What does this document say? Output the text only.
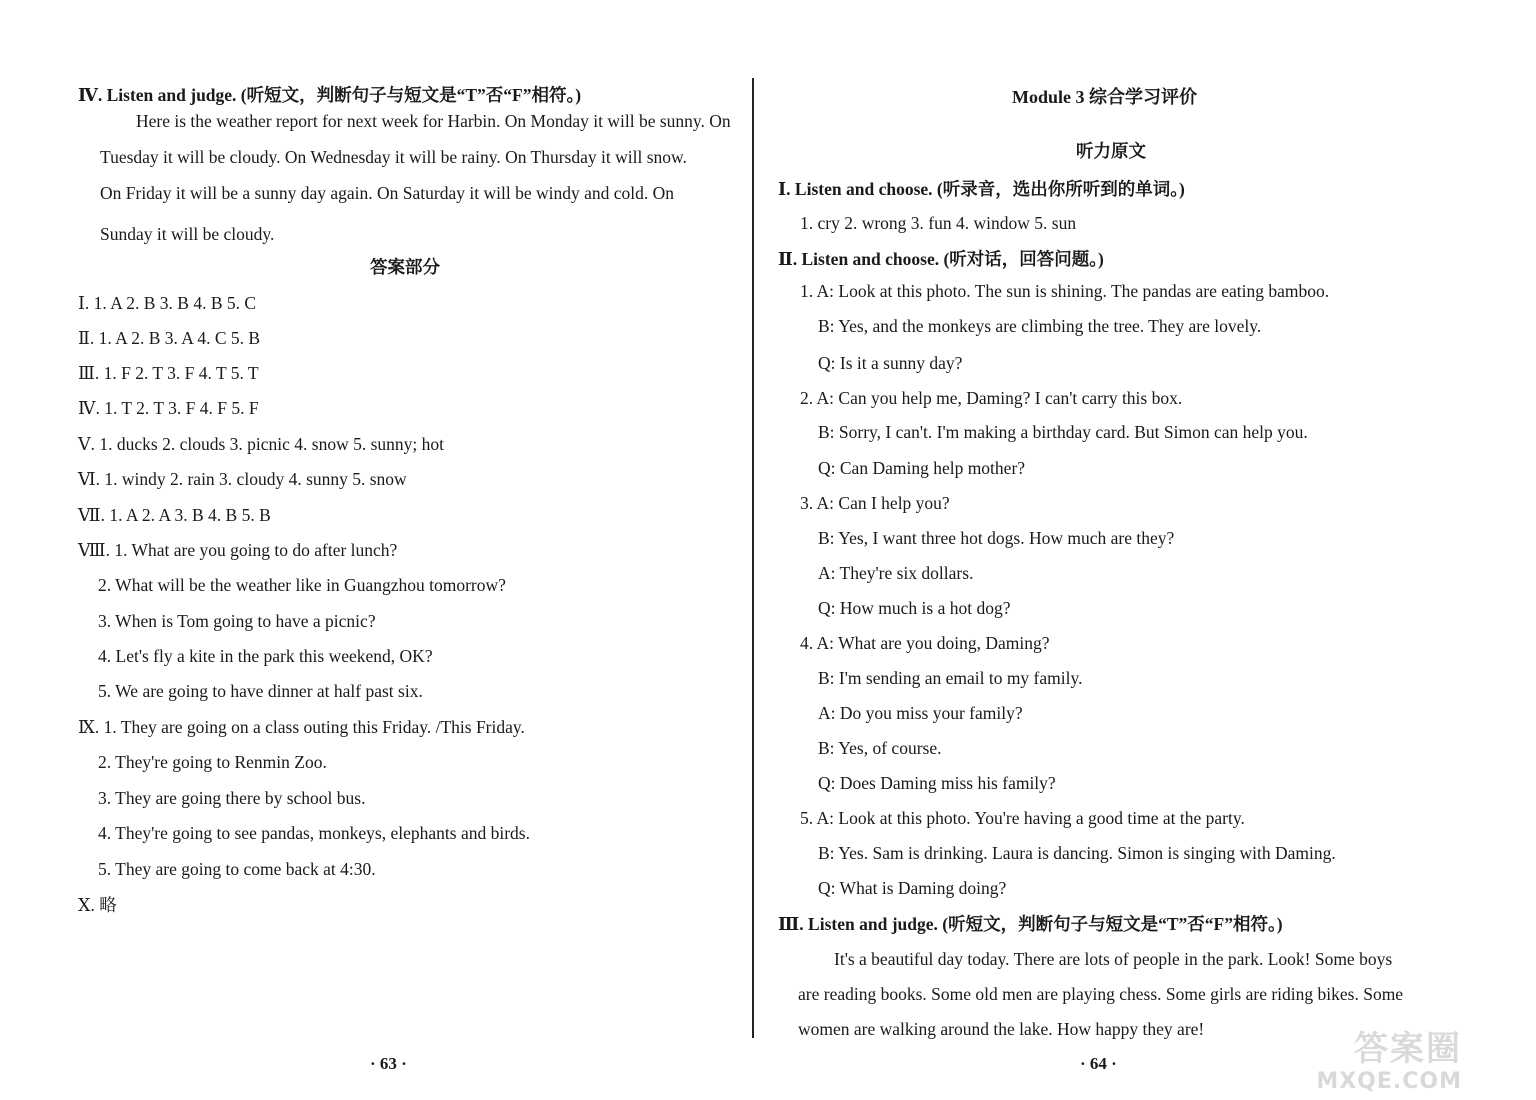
Ⅳ. Listen and judge. (听短文，判断句子与短文是“T”否“F”相符。)
Here is the weather report for next week for Harbin. On Monday it will be sunny. On
Tuesday it will be cloudy. On Wednesday it will be rainy. On Thursday it will snow.
On Friday it will be a sunny day again. On Saturday it will be windy and cold. On
Sunday it will be cloudy.
答案部分
Ⅰ. 1. A 2. B 3. B 4. B 5. C
Ⅱ. 1. A 2. B 3. A 4. C 5. B
Ⅲ. 1. F 2. T 3. F 4. T 5. T
Ⅳ. 1. T 2. T 3. F 4. F 5. F
Ⅴ. 1. ducks 2. clouds 3. picnic 4. snow 5. sunny; hot
Ⅵ. 1. windy 2. rain 3. cloudy 4. sunny 5. snow
Ⅶ. 1. A 2. A 3. B 4. B 5. B
Ⅷ. 1. What are you going to do after lunch?
2. What will be the weather like in Guangzhou tomorrow?
3. When is Tom going to have a picnic?
4. Let's fly a kite in the park this weekend, OK?
5. We are going to have dinner at half past six.
Ⅸ. 1. They are going on a class outing this Friday. /This Friday.
2. They're going to Renmin Zoo.
3. They are going there by school bus.
4. They're going to see pandas, monkeys, elephants and birds.
5. They are going to come back at 4:30.
Ⅹ. 略
· 63 ·
Module 3 综合学习评价
听力原文
Ⅰ. Listen and choose. (听录音，选出你所听到的单词。)
1. cry 2. wrong 3. fun 4. window 5. sun
Ⅱ. Listen and choose. (听对话，回答问题。)
1. A: Look at this photo. The sun is shining. The pandas are eating bamboo.
B: Yes, and the monkeys are climbing the tree. They are lovely.
Q: Is it a sunny day?
2. A: Can you help me, Daming? I can't carry this box.
B: Sorry, I can't. I'm making a birthday card. But Simon can help you.
Q: Can Daming help mother?
3. A: Can I help you?
B: Yes, I want three hot dogs. How much are they?
A: They're six dollars.
Q: How much is a hot dog?
4. A: What are you doing, Daming?
B: I'm sending an email to my family.
A: Do you miss your family?
B: Yes, of course.
Q: Does Daming miss his family?
5. A: Look at this photo. You're having a good time at the party.
B: Yes. Sam is drinking. Laura is dancing. Simon is singing with Daming.
Q: What is Daming doing?
Ⅲ. Listen and judge. (听短文，判断句子与短文是“T”否“F”相符。)
It's a beautiful day today. There are lots of people in the park. Look! Some boys
are reading books. Some old men are playing chess. Some girls are riding bikes. Some
women are walking around the lake. How happy they are!
· 64 ·	答案圈
MXQE.COM
